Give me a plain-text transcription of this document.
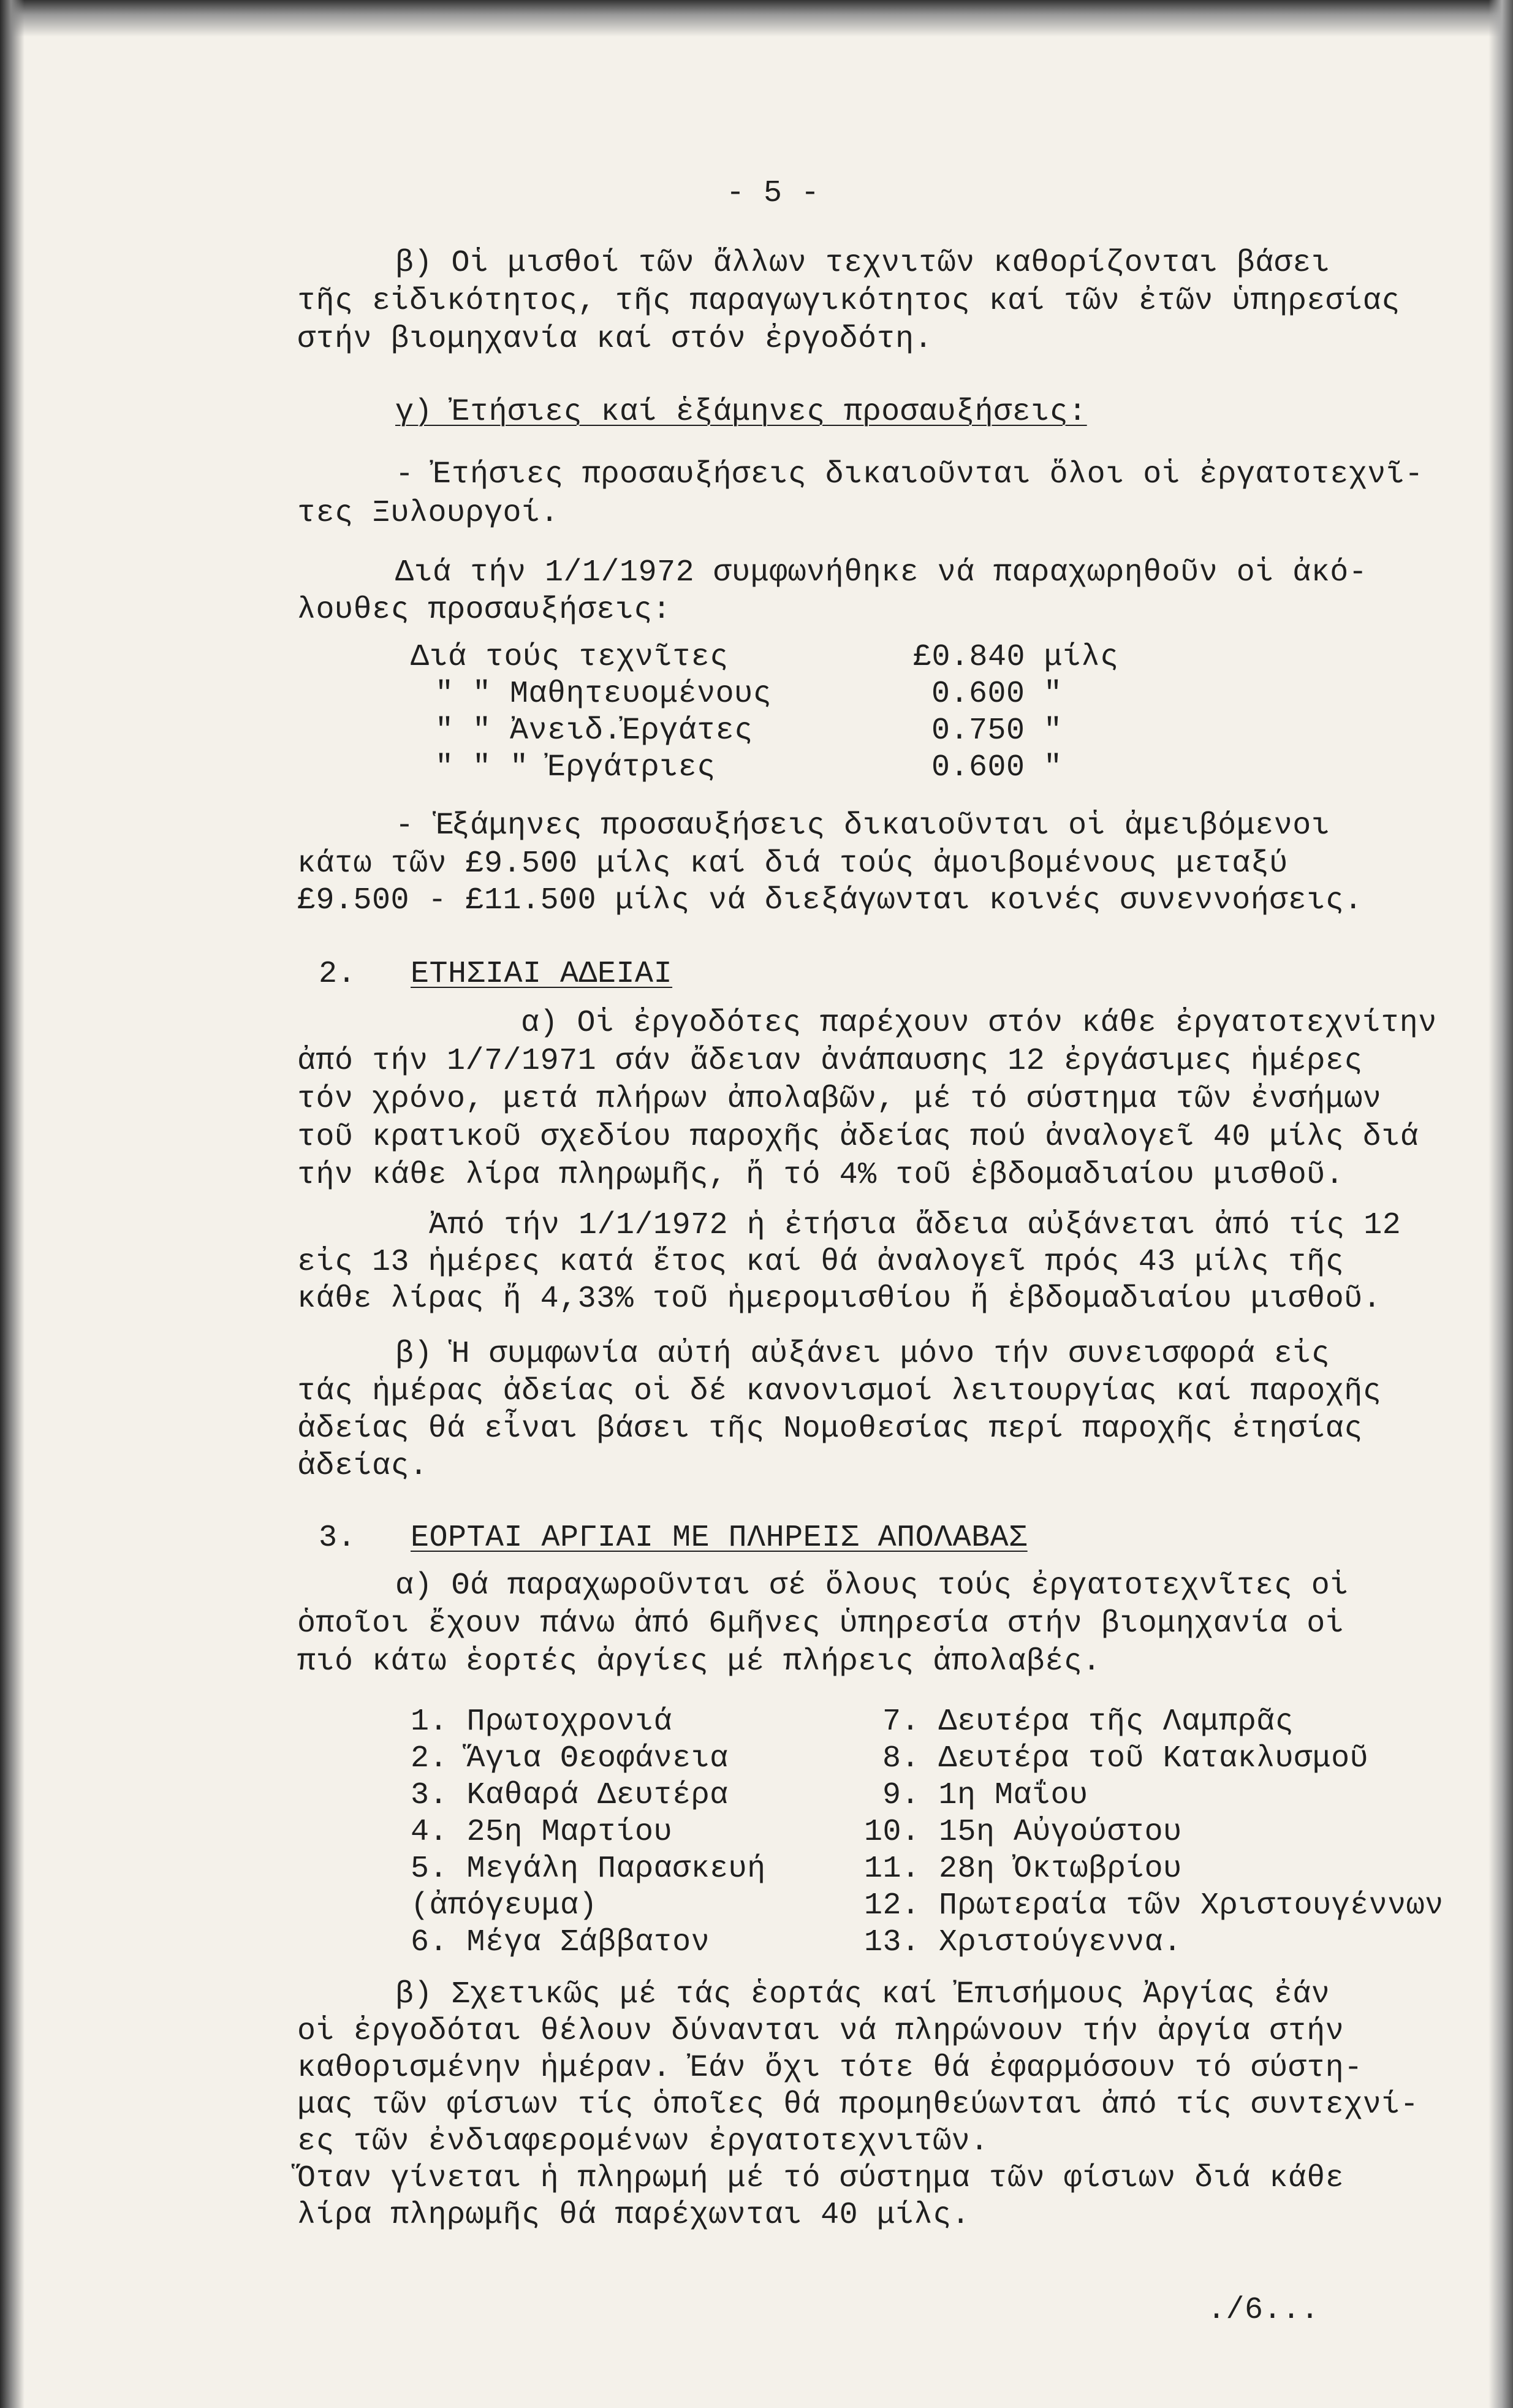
- 5 -
β) Οἱ μισθοί τῶν ἄλλων τεχνιτῶν καθορίζονται βάσει
τῆς εἰδικότητος, τῆς παραγωγικότητος καί τῶν ἐτῶν ὑπηρεσίας
στήν βιομηχανία καί στόν ἐργοδότη.
γ) Ἐτήσιες καί ἑξάμηνες προσαυξήσεις:
- Ἐτήσιες προσαυξήσεις δικαιοῦνται ὅλοι οἱ ἐργατοτεχνῖ-
τες Ξυλουργοί.
Διά τήν 1/1/1972 συμφωνήθηκε νά παραχωρηθοῦν οἱ ἀκό-
λουθες προσαυξήσεις:
Διά τούς τεχνῖτες	£0.840 μίλς
" " Μαθητευομένους	0.600 "
" " Ἀνειδ.Ἐργάτες	0.750 "
" " " Ἐργάτριες	0.600 "
- Ἑξάμηνες προσαυξήσεις δικαιοῦνται οἱ ἀμειβόμενοι
κάτω τῶν £9.500 μίλς καί διά τούς ἀμοιβομένους μεταξύ
£9.500 - £11.500 μίλς νά διεξάγωνται κοινές συνεννοήσεις.
2. ΕΤΗΣΙΑΙ ΑΔΕΙΑΙ
α) Οἱ ἐργοδότες παρέχουν στόν κάθε ἐργατοτεχνίτην
ἀπό τήν 1/7/1971 σάν ἄδειαν ἀνάπαυσης 12 ἐργάσιμες ἡμέρες
τόν χρόνο, μετά πλήρων ἀπολαβῶν, μέ τό σύστημα τῶν ἐνσήμων
τοῦ κρατικοῦ σχεδίου παροχῆς ἀδείας πού ἀναλογεῖ 40 μίλς διά
τήν κάθε λίρα πληρωμῆς, ἤ τό 4% τοῦ ἑβδομαδιαίου μισθοῦ.
Ἀπό τήν 1/1/1972 ἡ ἐτήσια ἄδεια αὐξάνεται ἀπό τίς 12
εἰς 13 ἡμέρες κατά ἔτος καί θά ἀναλογεῖ πρός 43 μίλς τῆς
κάθε λίρας ἤ 4,33% τοῦ ἡμερομισθίου ἤ ἑβδομαδιαίου μισθοῦ.
β) Ἡ συμφωνία αὐτή αὐξάνει μόνο τήν συνεισφορά εἰς
τάς ἡμέρας ἀδείας οἱ δέ κανονισμοί λειτουργίας καί παροχῆς
ἀδείας θά εἶναι βάσει τῆς Νομοθεσίας περί παροχῆς ἐτησίας
ἀδείας.
3. ΕΟΡΤΑΙ ΑΡΓΙΑΙ ΜΕ ΠΛΗΡΕΙΣ ΑΠΟΛΑΒΑΣ
α) Θά παραχωροῦνται σέ ὅλους τούς ἐργατοτεχνῖτες οἱ
ὁποῖοι ἔχουν πάνω ἀπό 6μῆνες ὑπηρεσία στήν βιομηχανία οἱ
πιό κάτω ἑορτές ἀργίες μέ πλήρεις ἀπολαβές.
1. Πρωτοχρονιά
2. Ἅγια Θεοφάνεια
3. Καθαρά Δευτέρα
4. 25η Μαρτίου
5. Μεγάλη Παρασκευή
(ἀπόγευμα)
6. Μέγα Σάββατον
7. Δευτέρα τῆς Λαμπρᾶς
8. Δευτέρα τοῦ Κατακλυσμοῦ
9. 1η Μαΐου
10. 15η Αὐγούστου
11. 28η Ὀκτωβρίου
12. Πρωτεραία τῶν Χριστουγέννων
13. Χριστούγεννα.
β) Σχετικῶς μέ τάς ἑορτάς καί Ἐπισήμους Ἀργίας ἐάν
οἱ ἐργοδόται θέλουν δύνανται νά πληρώνουν τήν ἀργία στήν
καθορισμένην ἡμέραν. Ἐάν ὄχι τότε θά ἐφαρμόσουν τό σύστη-
μας τῶν φίσιων τίς ὁποῖες θά προμηθεύωνται ἀπό τίς συντεχνί-
ες τῶν ἐνδιαφερομένων ἐργατοτεχνιτῶν.
Ὅταν γίνεται ἡ πληρωμή μέ τό σύστημα τῶν φίσιων διά κάθε
λίρα πληρωμῆς θά παρέχωνται 40 μίλς.
./6...
